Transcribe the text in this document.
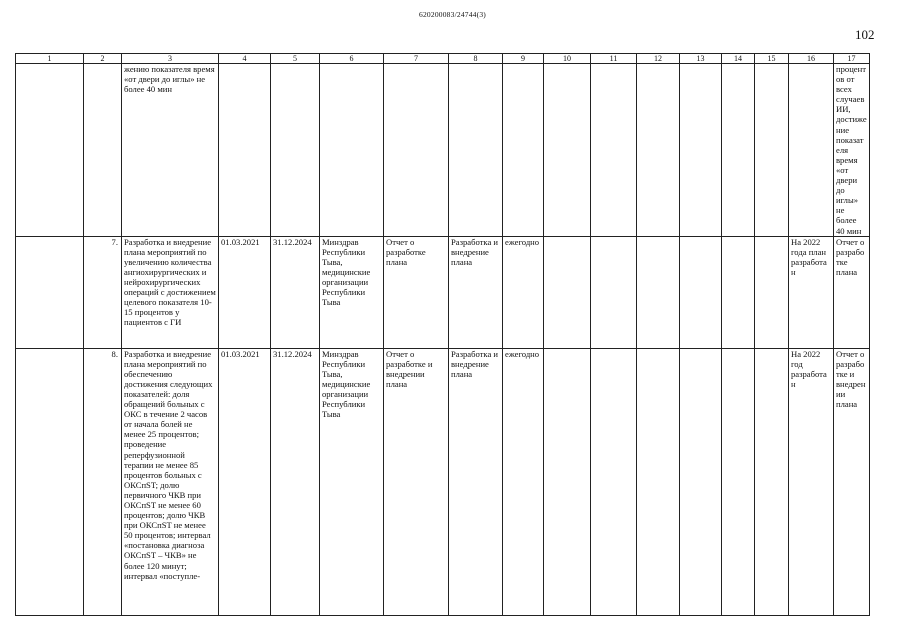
620200083/24744(3)
102
1	2	3	4	5	6	7	8	9	10	11	12	13	14	15	16	17
		жению показателя время «от двери до иглы» не более 40 мин														процентов от всех случаев ИИ, достижение показателя время «от двери до иглы» не более 40 мин
	7.	Разработка и внедрение плана мероприятий по увеличению количества ангиохирургических и нейрохирургических операций с достижением целевого показателя 10-15 процентов у пациентов с ГИ	01.03.2021	31.12.2024	Минздрав Республики Тыва, медицинские организации Республики Тыва	Отчет о разработке плана	Разработка и внедрение плана	ежегодно							На 2022 года план разработан	Отчет о разработке плана
	8.	Разработка и внедрение плана мероприятий по обеспечению достижения следующих показателей: доля обращений больных с ОКС в течение 2 часов от начала болей не менее 25 процентов; проведение реперфузионной терапии не менее 85 процентов больных с ОКСпST; долю первичного ЧКВ при ОКСпST не менее 60 процентов; долю ЧКВ при ОКСпST не менее 50 процентов; интервал «постановка диагноза ОКСпST – ЧКВ» не более 120 минут; интервал «поступле-	01.03.2021	31.12.2024	Минздрав Республики Тыва, медицинские организации Республики Тыва	Отчет о разработке и внедрении плана	Разработка и внедрение плана	ежегодно							На 2022 год разработан	Отчет о разработке и внедрении плана
